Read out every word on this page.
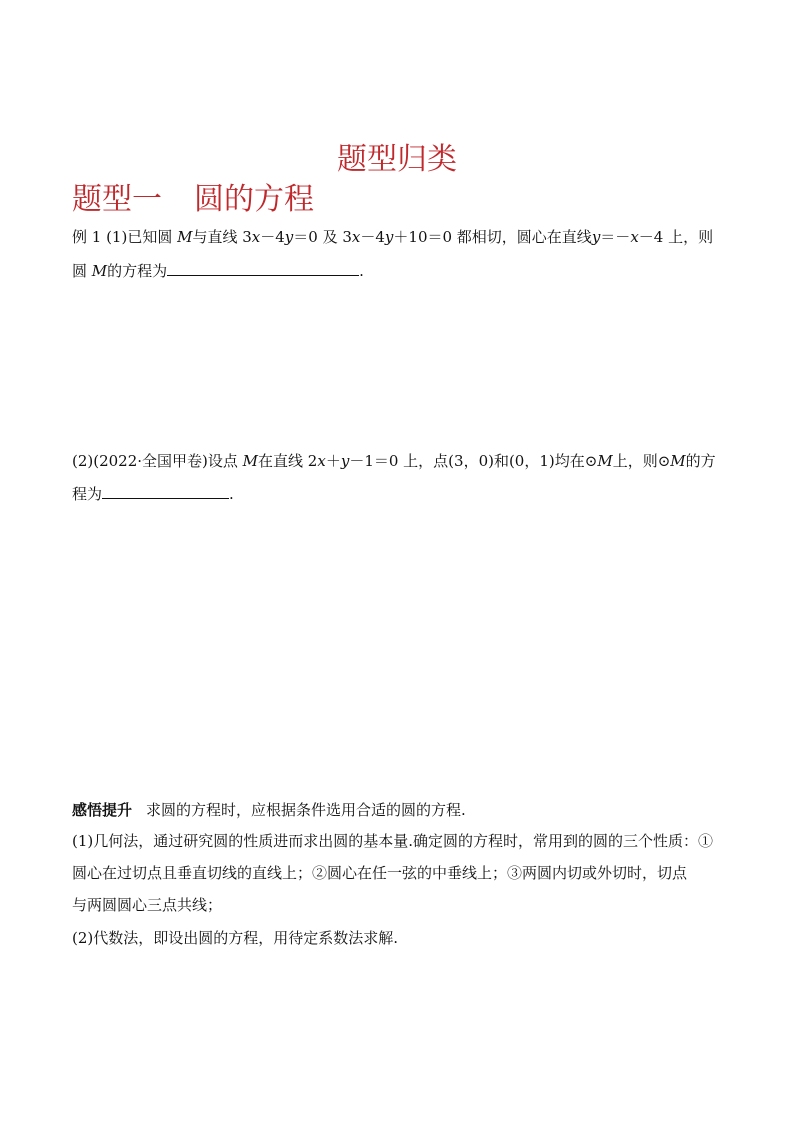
题型归类
题型一 圆的方程
例 1 (1)已知圆 M与直线 3x－4y＝0 及 3x－4y＋10＝0 都相切，圆心在直线y＝－x－4 上，则
圆 M的方程为	.
(2)(2022·全国甲卷)设点 M在直线 2x＋y－1＝0 上，点(3，0)和(0，1)均在⊙M上，则⊙M的方
程为	.
感悟提升 求圆的方程时，应根据条件选用合适的圆的方程.
(1)几何法，通过研究圆的性质进而求出圆的基本量.确定圆的方程时，常用到的圆的三个性质：①
圆心在过切点且垂直切线的直线上；②圆心在任一弦的中垂线上；③两圆内切或外切时，切点
与两圆圆心三点共线；
(2)代数法，即设出圆的方程，用待定系数法求解.
